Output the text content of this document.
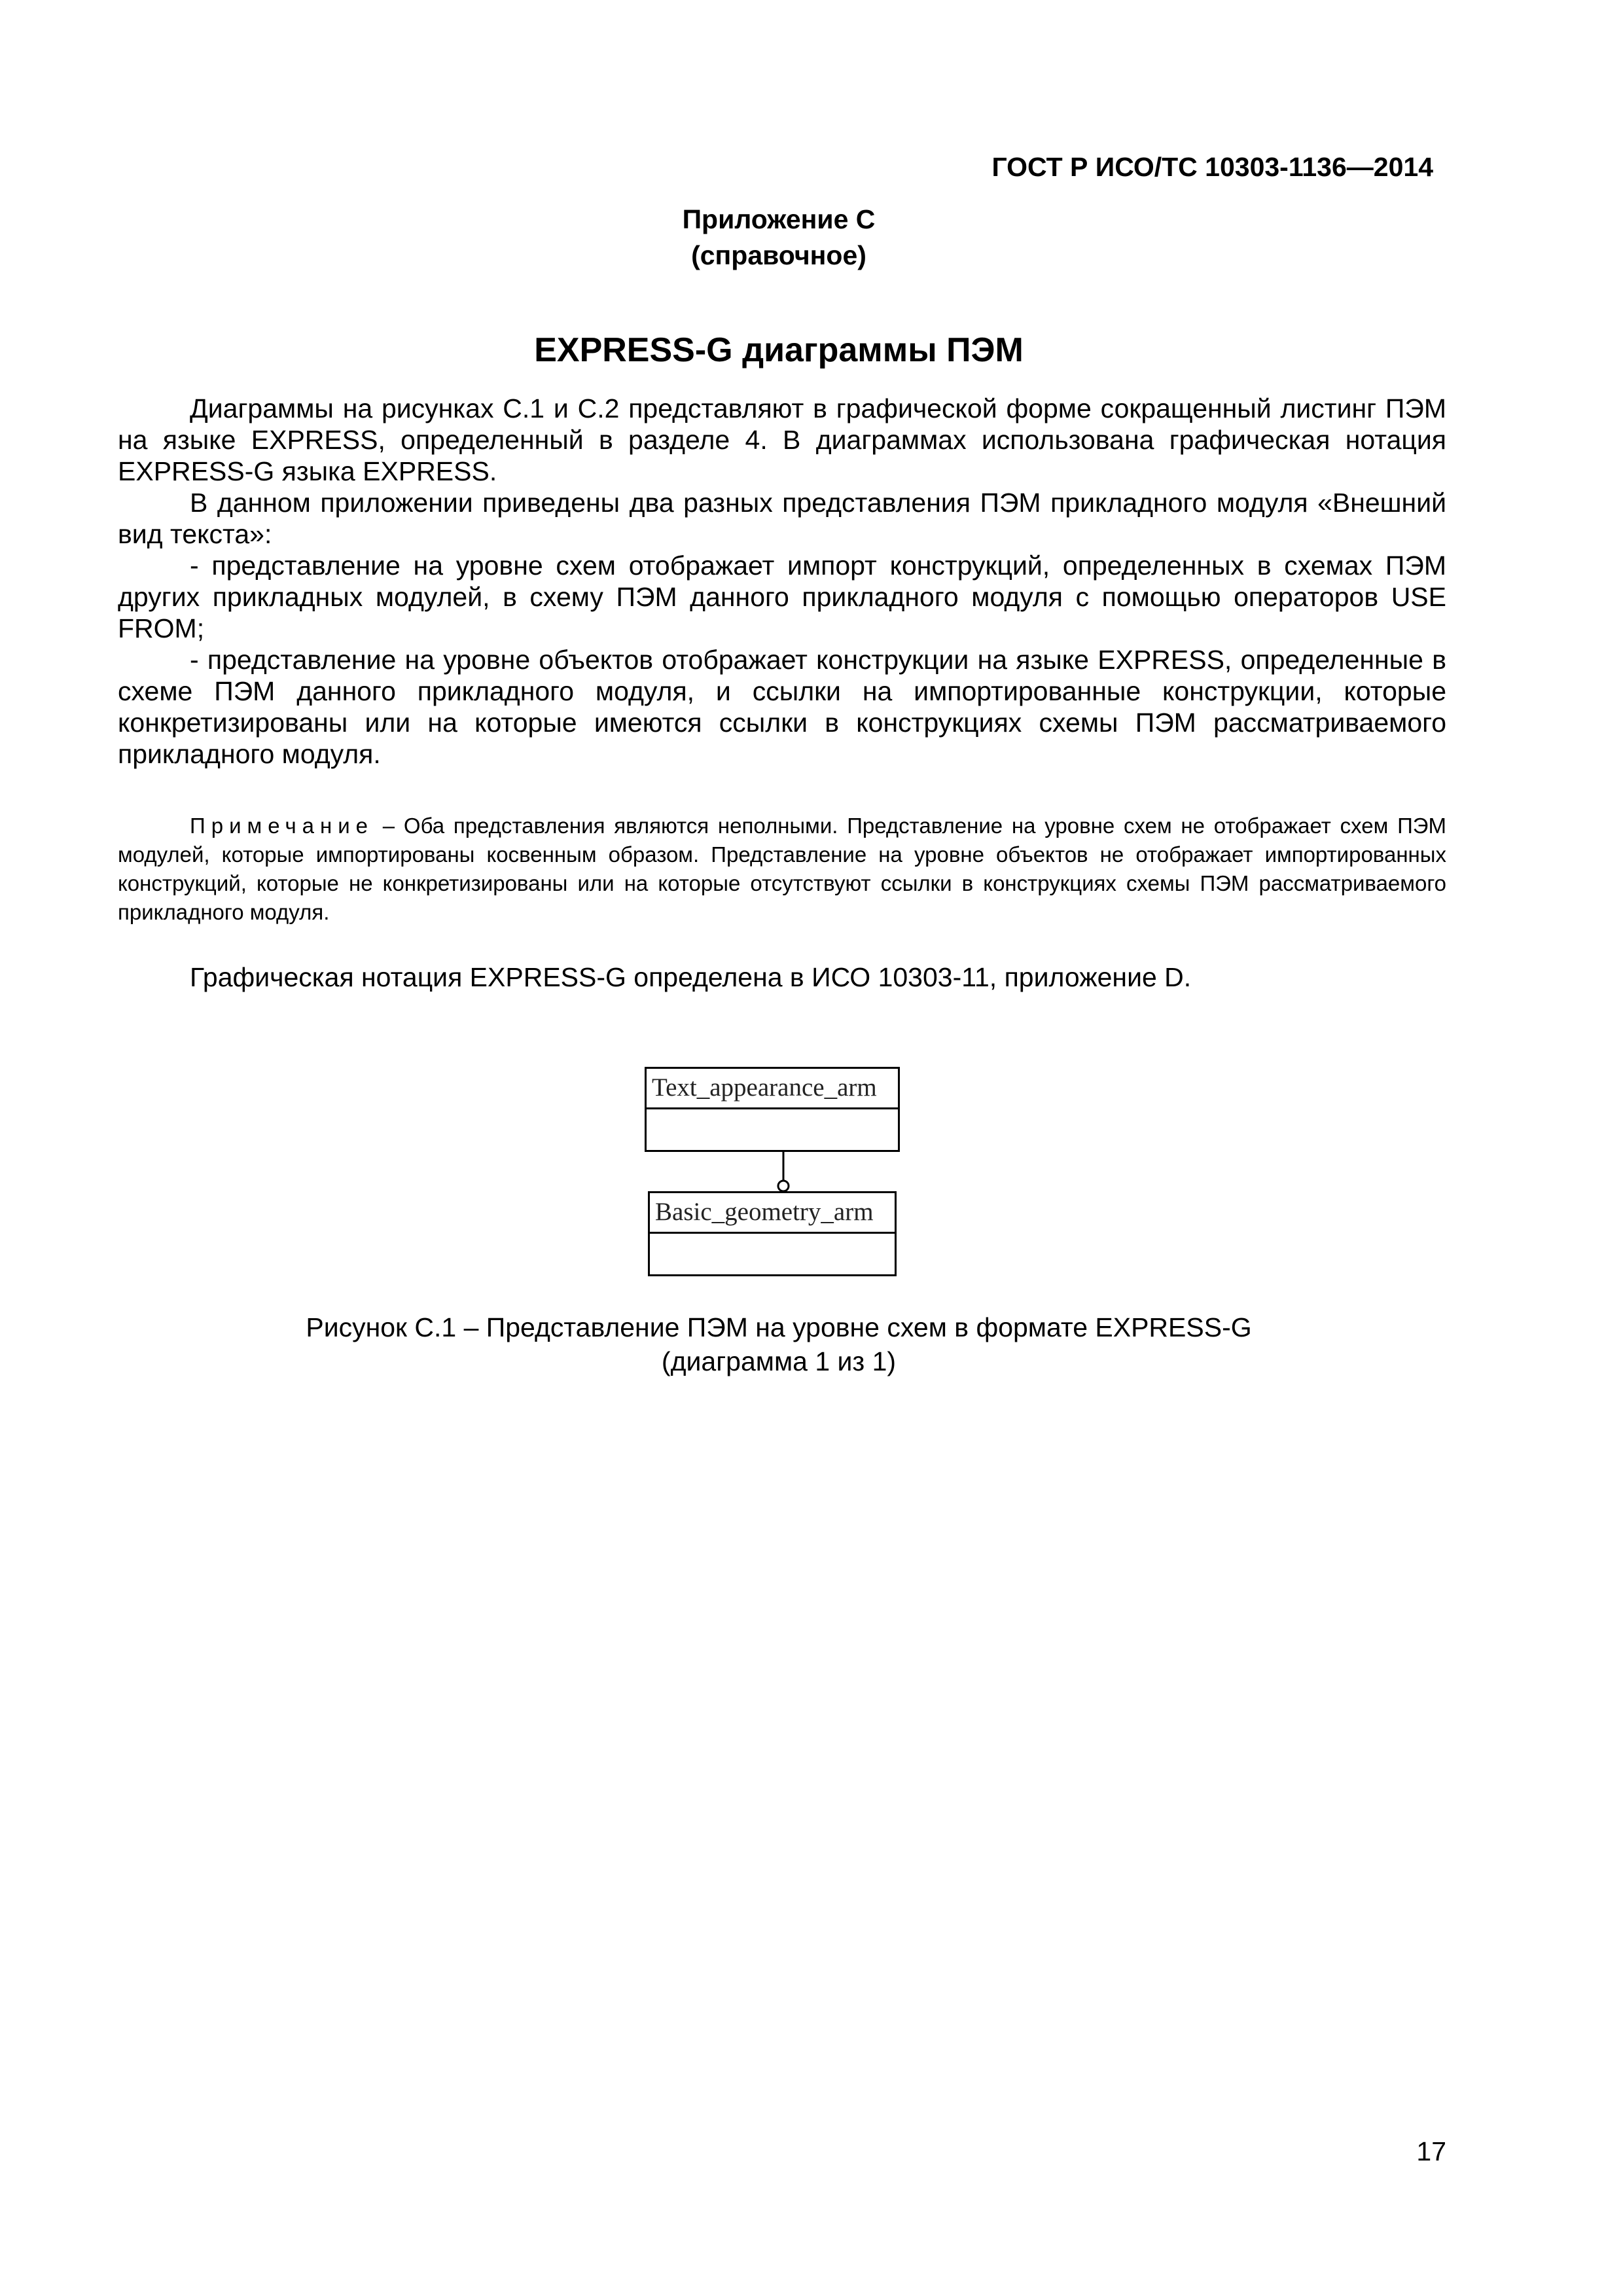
ГОСТ Р ИСО/ТС 10303-1136—2014
Приложение С
(справочное)
EXPRESS-G диаграммы ПЭМ

Диаграммы на рисунках С.1 и С.2 представляют в графической форме сокращенный листинг ПЭМ на языке EXPRESS, определенный в разделе 4. В диаграммах использована графическая нотация EXPRESS-G языка EXPRESS.

В данном приложении приведены два разных представления ПЭМ прикладного модуля «Внешний вид текста»:

- представление на уровне схем отображает импорт конструкций, определенных в схемах ПЭМ других прикладных модулей, в схему ПЭМ данного прикладного модуля с помощью операторов USE FROM;

- представление на уровне объектов отображает конструкции на языке EXPRESS, определенные в схеме ПЭМ данного прикладного модуля, и ссылки на импортированные конструкции, которые конкретизированы или на которые имеются ссылки в конструкциях схемы ПЭМ рассматриваемого прикладного модуля.

Примечание – Оба представления являются неполными. Представление на уровне схем не отображает схем ПЭМ модулей, которые импортированы косвенным образом. Представление на уровне объектов не отображает импортированных конструкций, которые не конкретизированы или на которые отсутствуют ссылки в конструкциях схемы ПЭМ рассматриваемого прикладного модуля.
Графическая нотация EXPRESS-G определена в ИСО 10303-11, приложение D.
Text_appearance_arm
Basic_geometry_arm
Рисунок С.1 – Представление ПЭМ на уровне схем в формате EXPRESS-G
(диаграмма 1 из 1)
17
